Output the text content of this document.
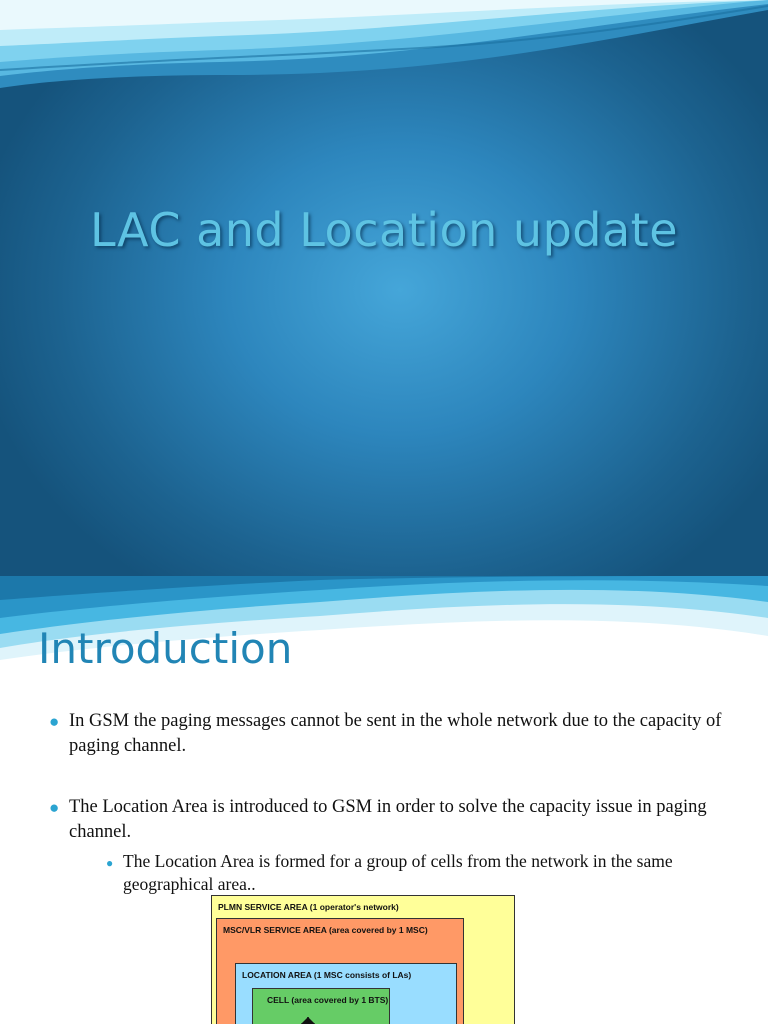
LAC and Location update
Introduction
● In GSM the paging messages cannot be sent in the whole network due to the capacity of paging channel.
● The Location Area is introduced to GSM in order to solve the capacity issue in paging channel.
● The Location Area is formed for a group of cells from the network in the same geographical area..
PLMN SERVICE AREA (1 operator's network)
MSC/VLR SERVICE AREA (area covered by 1 MSC)
LOCATION AREA (1 MSC consists of LAs)
CELL (area covered by 1 BTS)
